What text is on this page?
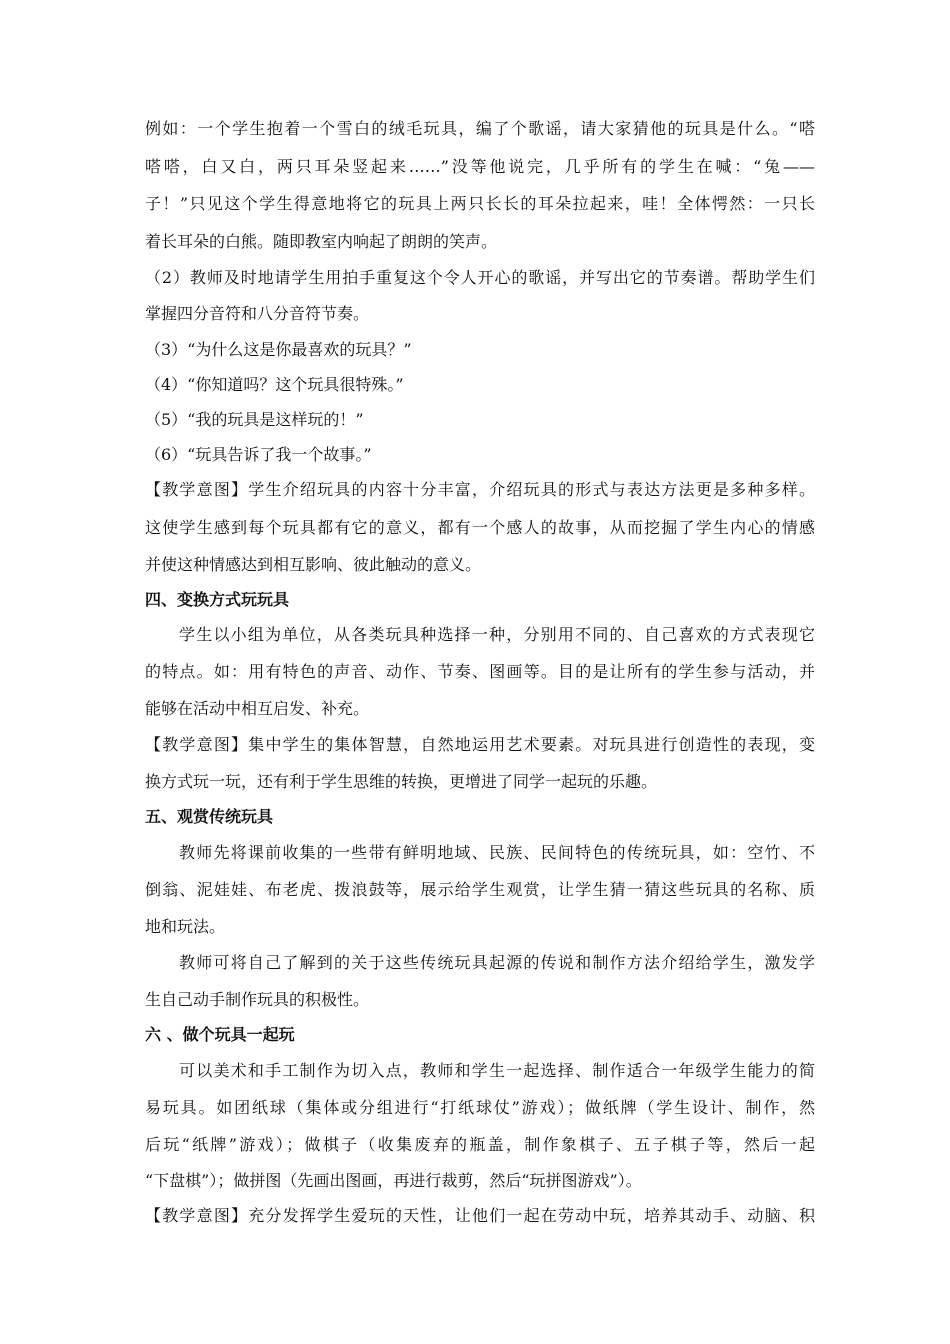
例如：一个学生抱着一个雪白的绒毛玩具，编了个歌谣，请大家猜他的玩具是什么。“嗒
嗒嗒，白又白，两只耳朵竖起来……”没等他说完，几乎所有的学生在喊：“兔——
子！”只见这个学生得意地将它的玩具上两只长长的耳朵拉起来，哇！全体愕然：一只长
着长耳朵的白熊。随即教室内响起了朗朗的笑声。
（2）教师及时地请学生用拍手重复这个令人开心的歌谣，并写出它的节奏谱。帮助学生们
掌握四分音符和八分音符节奏。
（3）“为什么这是你最喜欢的玩具？”
（4）“你知道吗？这个玩具很特殊。”
（5）“我的玩具是这样玩的！”
（6）“玩具告诉了我一个故事。”
【教学意图】学生介绍玩具的内容十分丰富，介绍玩具的形式与表达方法更是多种多样。
这使学生感到每个玩具都有它的意义，都有一个感人的故事，从而挖掘了学生内心的情感
并使这种情感达到相互影响、彼此触动的意义。
四、变换方式玩玩具
学生以小组为单位，从各类玩具种选择一种，分别用不同的、自己喜欢的方式表现它
的特点。如：用有特色的声音、动作、节奏、图画等。目的是让所有的学生参与活动，并
能够在活动中相互启发、补充。
【教学意图】集中学生的集体智慧，自然地运用艺术要素。对玩具进行创造性的表现，变
换方式玩一玩，还有利于学生思维的转换，更增进了同学一起玩的乐趣。
五、观赏传统玩具
教师先将课前收集的一些带有鲜明地域、民族、民间特色的传统玩具，如：空竹、不
倒翁、泥娃娃、布老虎、拨浪鼓等，展示给学生观赏，让学生猜一猜这些玩具的名称、质
地和玩法。
教师可将自己了解到的关于这些传统玩具起源的传说和制作方法介绍给学生，激发学
生自己动手制作玩具的积极性。
六 、做个玩具一起玩
可以美术和手工制作为切入点，教师和学生一起选择、制作适合一年级学生能力的简
易玩具。如团纸球（集体或分组进行“打纸球仗”游戏）；做纸牌（学生设计、制作，然
后玩“纸牌”游戏）；做棋子（收集废弃的瓶盖，制作象棋子、五子棋子等，然后一起
“下盘棋”）；做拼图（先画出图画，再进行裁剪，然后“玩拼图游戏”）。
【教学意图】充分发挥学生爱玩的天性，让他们一起在劳动中玩，培养其动手、动脑、积
